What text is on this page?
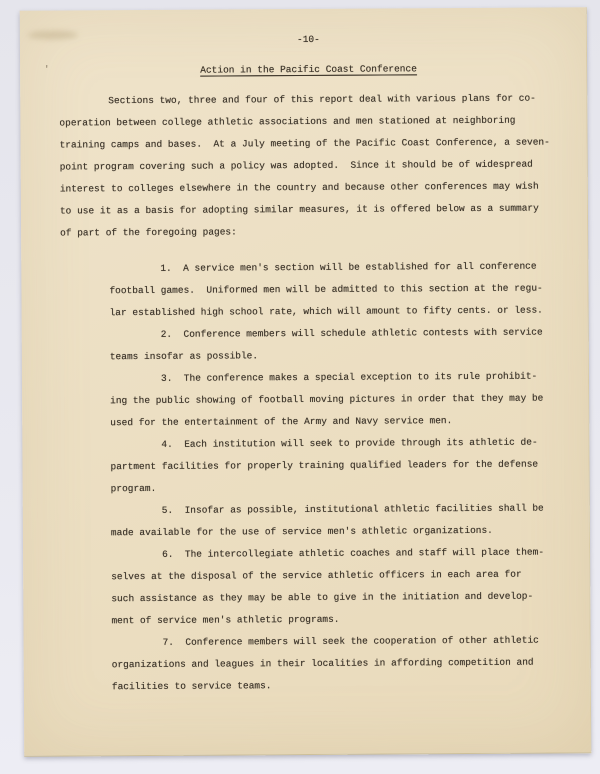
'
-10-
Action in the Pacific Coast Conference
Sections two, three and four of this report deal with various plans for co-
operation between college athletic associations and men stationed at neighboring
training camps and bases.  At a July meeting of the Pacific Coast Conference, a seven-
point program covering such a policy was adopted.  Since it should be of widespread
interest to colleges elsewhere in the country and because other conferences may wish
to use it as a basis for adopting similar measures, it is offered below as a summary
of part of the foregoing pages:
1.  A service men's section will be established for all conference
football games.  Uniformed men will be admitted to this section at the regu-
lar established high school rate, which will amount to fifty cents. or less.
2.  Conference members will schedule athletic contests with service
teams insofar as possible.
3.  The conference makes a special exception to its rule prohibit-
ing the public showing of football moving pictures in order that they may be
used for the entertainment of the Army and Navy service men.
4.  Each institution will seek to provide through its athletic de-
partment facilities for properly training qualified leaders for the defense
program.
5.  Insofar as possible, institutional athletic facilities shall be
made available for the use of service men's athletic organizations.
6.  The intercollegiate athletic coaches and staff will place them-
selves at the disposal of the service athletic officers in each area for
such assistance as they may be able to give in the initiation and develop-
ment of service men's athletic programs.
7.  Conference members will seek the cooperation of other athletic
organizations and leagues in their localities in affording competition and
facilities to service teams.
